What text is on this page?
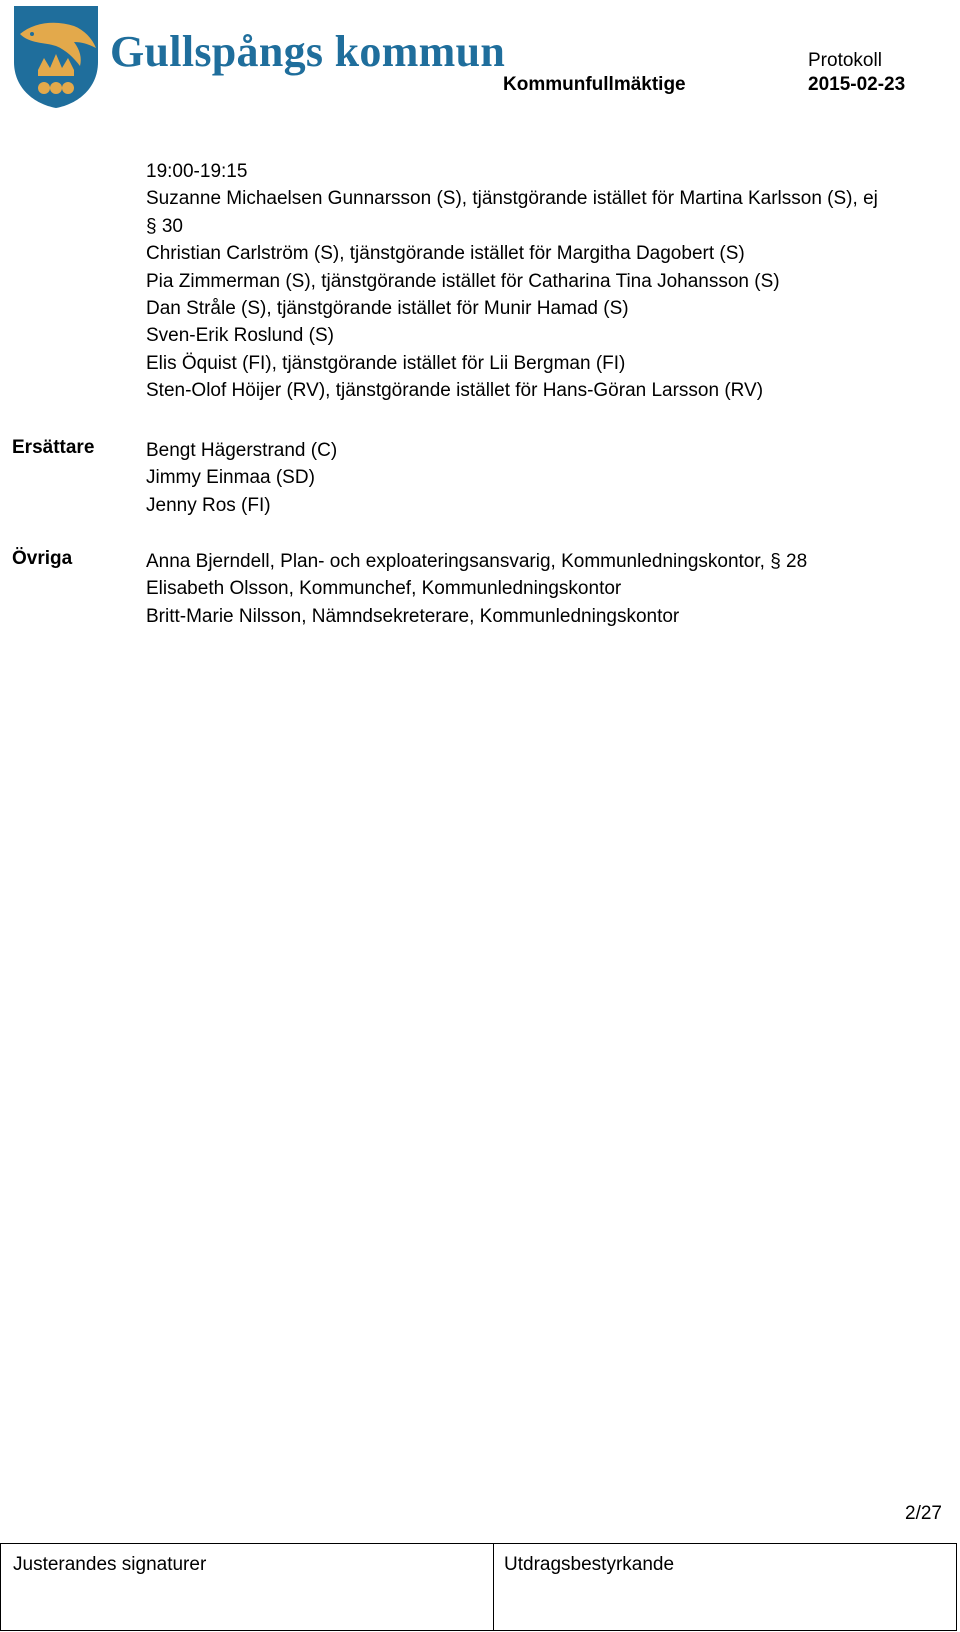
Gullspångs kommun	Protokoll
Kommunfullmäktige	2015-02-23
19:00-19:15
Suzanne Michaelsen Gunnarsson (S), tjänstgörande istället för Martina Karlsson (S), ej
§ 30
Christian Carlström (S), tjänstgörande istället för Margitha Dagobert (S)
Pia Zimmerman (S), tjänstgörande istället för Catharina Tina Johansson (S)
Dan Stråle (S), tjänstgörande istället för Munir Hamad (S)
Sven-Erik Roslund (S)
Elis Öquist (FI), tjänstgörande istället för Lii Bergman (FI)
Sten-Olof Höijer (RV), tjänstgörande istället för Hans-Göran Larsson (RV)
Ersättare	Bengt Hägerstrand (C)
Jimmy Einmaa (SD)
Jenny Ros (FI)
Övriga	Anna Bjerndell, Plan- och exploateringsansvarig, Kommunledningskontor, § 28
Elisabeth Olsson, Kommunchef, Kommunledningskontor
Britt-Marie Nilsson, Nämndsekreterare, Kommunledningskontor
2/27
Justerandes signaturer	Utdragsbestyrkande
